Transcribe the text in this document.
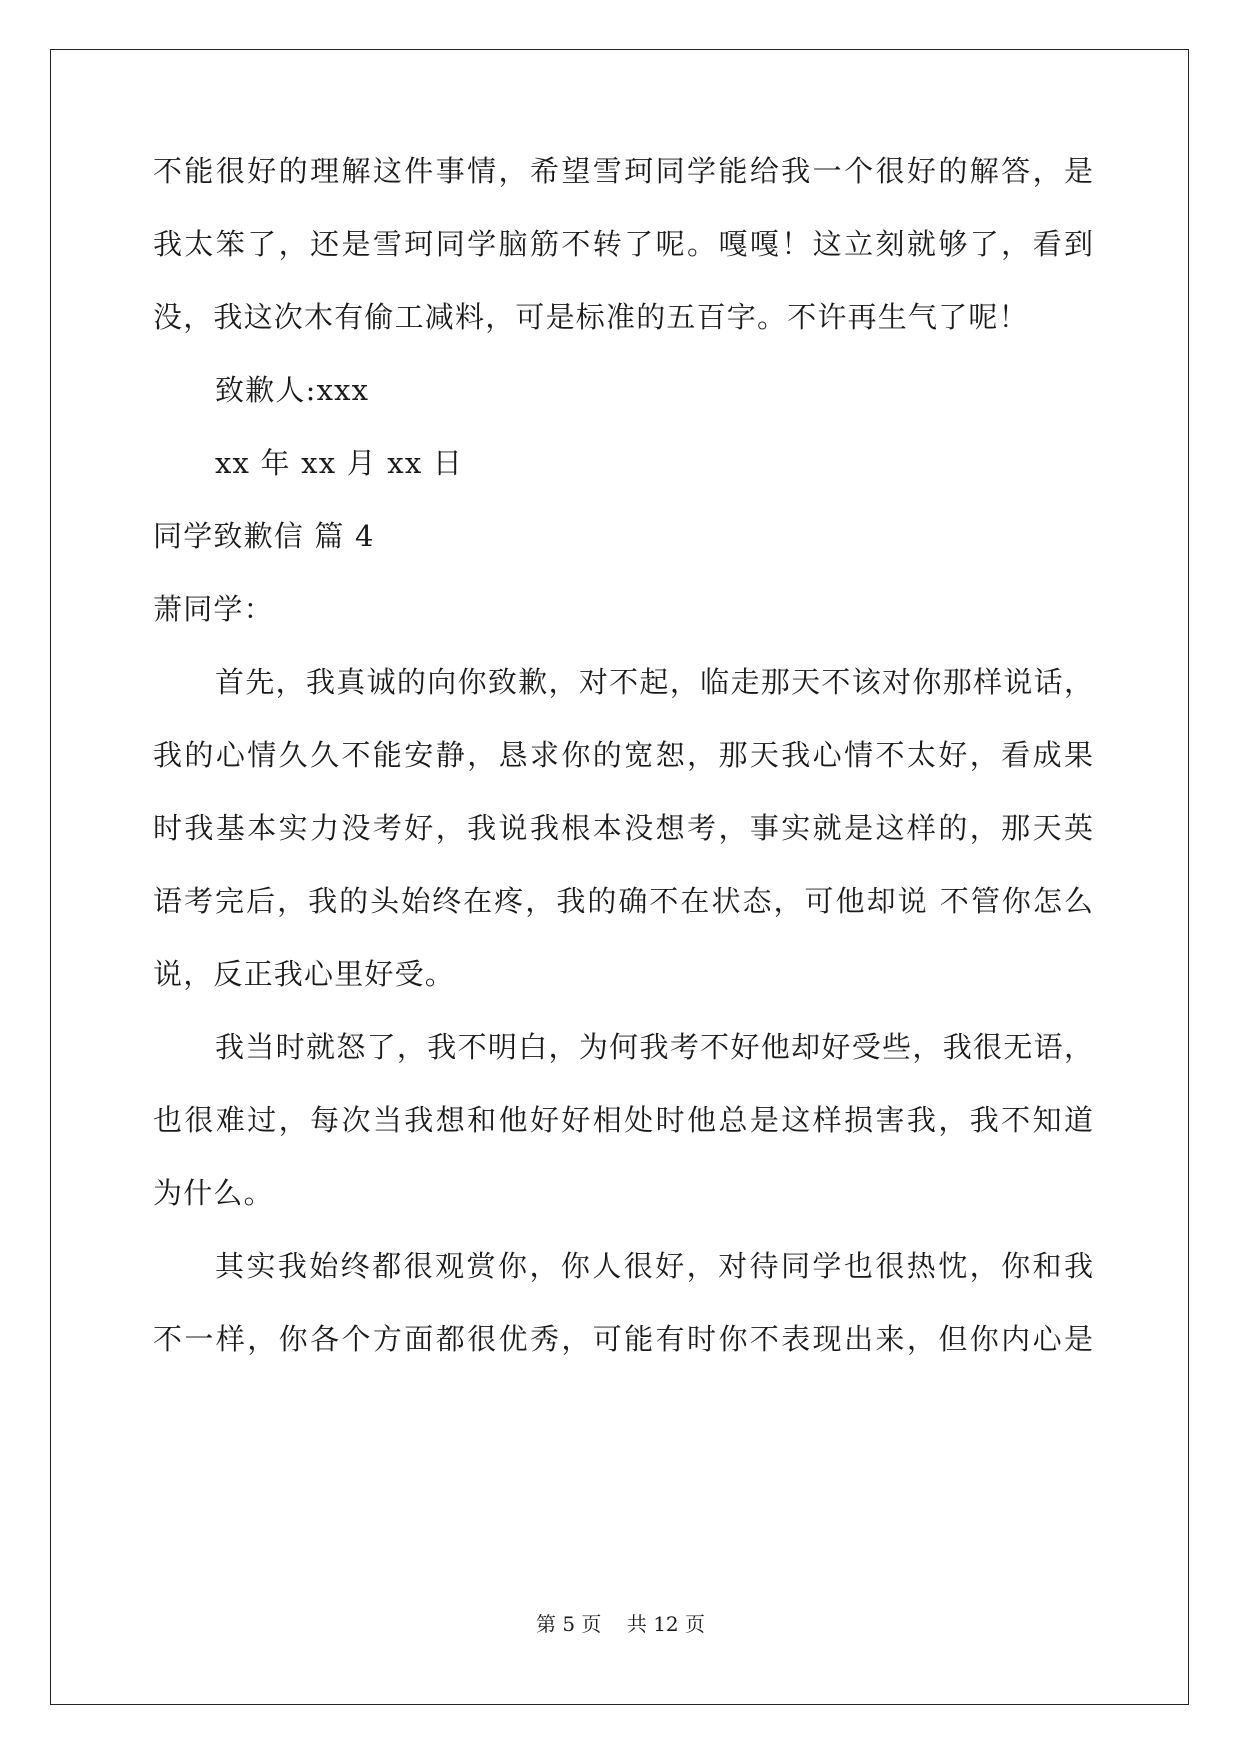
不能很好的理解这件事情，希望雪珂同学能给我一个很好的解答，是
我太笨了，还是雪珂同学脑筋不转了呢。嘎嘎！这立刻就够了，看到
没，我这次木有偷工减料，可是标准的五百字。不许再生气了呢！
致歉人:xxx
xx 年 xx 月 xx 日
同学致歉信 篇 4
萧同学：
首先，我真诚的向你致歉，对不起，临走那天不该对你那样说话，
我的心情久久不能安静，恳求你的宽恕，那天我心情不太好，看成果
时我基本实力没考好，我说我根本没想考，事实就是这样的，那天英
语考完后，我的头始终在疼，我的确不在状态，可他却说 不管你怎么
说，反正我心里好受。
我当时就怒了，我不明白，为何我考不好他却好受些，我很无语，
也很难过，每次当我想和他好好相处时他总是这样损害我，我不知道
为什么。
其实我始终都很观赏你，你人很好，对待同学也很热忱，你和我
不一样，你各个方面都很优秀，可能有时你不表现出来，但你内心是
第 5 页    共 12 页
